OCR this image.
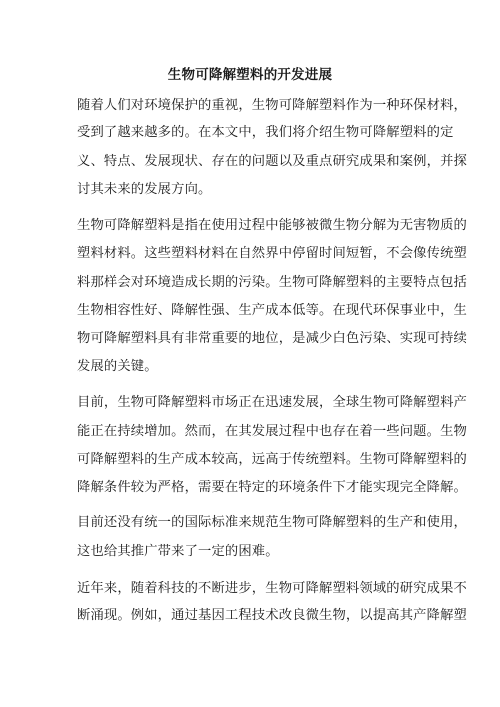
生物可降解塑料的开发进展
随着人们对环境保护的重视，生物可降解塑料作为一种环保材料，
受到了越来越多的。在本文中，我们将介绍生物可降解塑料的定
义、特点、发展现状、存在的问题以及重点研究成果和案例，并探
讨其未来的发展方向。
生物可降解塑料是指在使用过程中能够被微生物分解为无害物质的
塑料材料。这些塑料材料在自然界中停留时间短暂，不会像传统塑
料那样会对环境造成长期的污染。生物可降解塑料的主要特点包括
生物相容性好、降解性强、生产成本低等。在现代环保事业中，生
物可降解塑料具有非常重要的地位，是减少白色污染、实现可持续
发展的关键。
目前，生物可降解塑料市场正在迅速发展，全球生物可降解塑料产
能正在持续增加。然而，在其发展过程中也存在着一些问题。生物
可降解塑料的生产成本较高，远高于传统塑料。生物可降解塑料的
降解条件较为严格，需要在特定的环境条件下才能实现完全降解。
目前还没有统一的国际标准来规范生物可降解塑料的生产和使用，
这也给其推广带来了一定的困难。
近年来，随着科技的不断进步，生物可降解塑料领域的研究成果不
断涌现。例如，通过基因工程技术改良微生物，以提高其产降解塑
